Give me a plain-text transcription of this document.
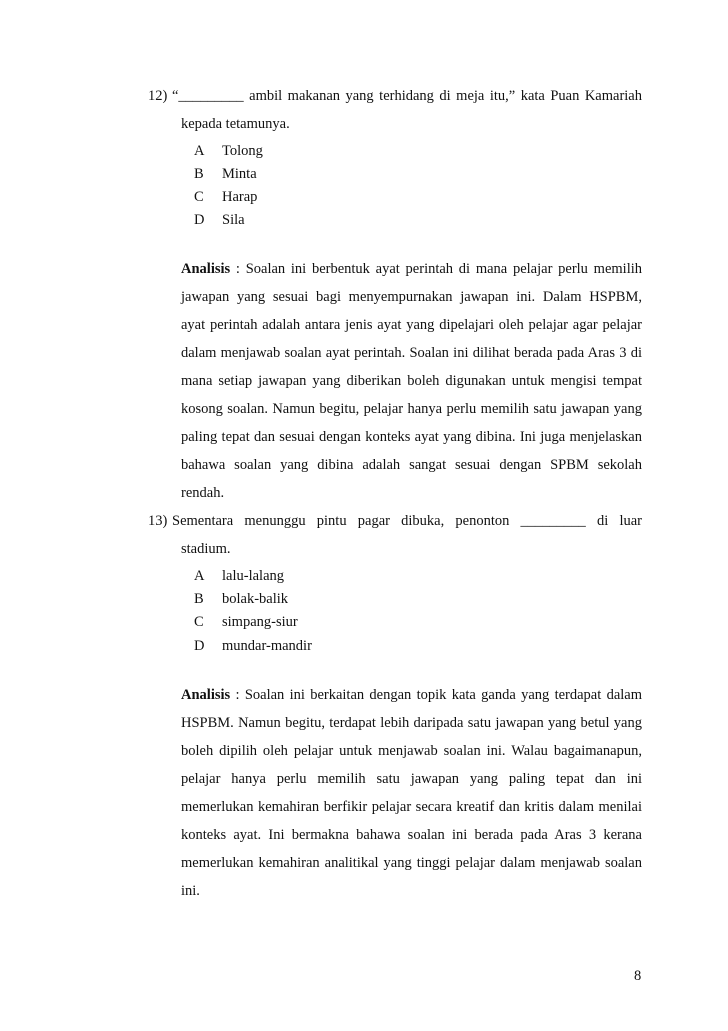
12) “_________ ambil makanan yang terhidang di meja itu,” kata Puan Kamariah
kepada tetamunya.
A Tolong
B Minta
C Harap
D Sila
Analisis : Soalan ini berbentuk ayat perintah di mana pelajar perlu memilih
jawapan yang sesuai bagi menyempurnakan jawapan ini. Dalam HSPBM,
ayat perintah adalah antara jenis ayat yang dipelajari oleh pelajar agar pelajar
dalam menjawab soalan ayat perintah. Soalan ini dilihat berada pada Aras 3 di
mana setiap jawapan yang diberikan boleh digunakan untuk mengisi tempat
kosong soalan. Namun begitu, pelajar hanya perlu memilih satu jawapan yang
paling tepat dan sesuai dengan konteks ayat yang dibina. Ini juga menjelaskan
bahawa soalan yang dibina adalah sangat sesuai dengan SPBM sekolah
rendah.
13) Sementara menunggu pintu pagar dibuka, penonton _________ di luar
stadium.
A lalu-lalang
B bolak-balik
C simpang-siur
D mundar-mandir
Analisis : Soalan ini berkaitan dengan topik kata ganda yang terdapat dalam
HSPBM. Namun begitu, terdapat lebih daripada satu jawapan yang betul yang
boleh dipilih oleh pelajar untuk menjawab soalan ini. Walau bagaimanapun,
pelajar hanya perlu memilih satu jawapan yang paling tepat dan ini
memerlukan kemahiran berfikir pelajar secara kreatif dan kritis dalam menilai
konteks ayat. Ini bermakna bahawa soalan ini berada pada Aras 3 kerana
memerlukan kemahiran analitikal yang tinggi pelajar dalam menjawab soalan
ini.
8
